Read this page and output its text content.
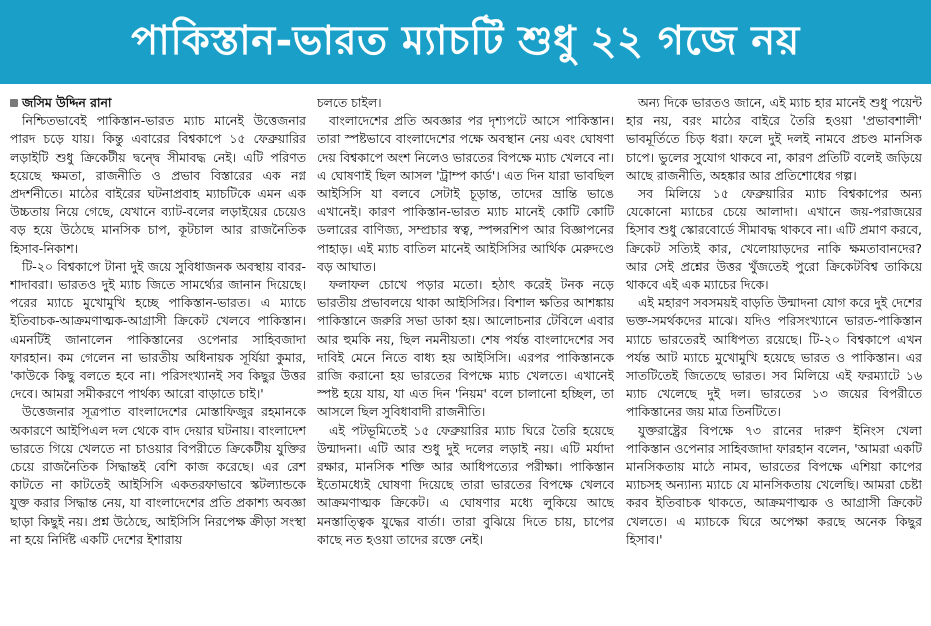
পাকিস্তান-ভারত ম্যাচটি শুধু ২২ গজে নয়
জসিম উদ্দিন রানা

নিশ্চিতভাবেই পাকিস্তান-ভারত ম্যাচ মানেই উত্তেজনার পারদ চড়ে যায়। কিন্তু এবারের বিশ্বকাপে ১৫ ফেব্রুয়ারির লড়াইটি শুধু ক্রিকেটীয় দ্বন্দ্বে সীমাবদ্ধ নেই। এটি পরিণত হয়েছে ক্ষমতা, রাজনীতি ও প্রভাব বিস্তারের এক নগ্ন প্রদর্শনীতে। মাঠের বাইরের ঘটনাপ্রবাহ ম্যাচটিকে এমন এক উচ্চতায় নিয়ে গেছে, যেখানে ব্যাট-বলের লড়াইয়ের চেয়েও বড় হয়ে উঠেছে মানসিক চাপ, কূটচাল আর রাজনৈতিক হিসাব-নিকাশ।

টি-২০ বিশ্বকাপে টানা দুই জয়ে সুবিধাজনক অবস্থায় বাবর-শাদাবরা। ভারতও দুই ম্যাচ জিতে সামর্থ্যের জানান দিয়েছে। পরের ম্যাচে মুখোমুখি হচ্ছে পাকিস্তান-ভারত। এ ম্যাচে ইতিবাচক-আক্রমণাত্মক-আগ্রাসী ক্রিকেট খেলবে পাকিস্তান। এমনটিই জানালেন পাকিস্তানের ওপেনার সাহিবজাদা ফারহান। কম গেলেন না ভারতীয় অধিনায়ক সূর্যিয়া কুমার, 'কাউকে কিছু বলতে হবে না। পরিসংখ্যানই সব কিছুর উত্তর দেবে। আমরা সমীকরণে পার্থক্য আরো বাড়াতে চাই।'

উত্তেজনার সূত্রপাত বাংলাদেশের মোস্তাফিজুর রহমানকে অকারণে আইপিএল দল থেকে বাদ দেয়ার ঘটনায়। বাংলাদেশ ভারতে গিয়ে খেলতে না চাওয়ার বিপরীতে ক্রিকেটীয় যুক্তির চেয়ে রাজনৈতিক সিদ্ধান্তই বেশি কাজ করেছে। এর রেশ কাটতে না কাটতেই আইসিসি একতরফাভাবে স্কটল্যান্ডকে যুক্ত করার সিদ্ধান্ত নেয়, যা বাংলাদেশের প্রতি প্রকাশ্য অবজ্ঞা ছাড়া কিছুই নয়। প্রশ্ন উঠেছে, আইসিসি নিরপেক্ষ ক্রীড়া সংস্থা না হয়ে নির্দিষ্ট একটি দেশের ইশারায়

চলতে চাইল।

বাংলাদেশের প্রতি অবজ্ঞার পর দৃশ্যপটে আসে পাকিস্তান। তারা স্পষ্টভাবে বাংলাদেশের পক্ষে অবস্থান নেয় এবং ঘোষণা দেয় বিশ্বকাপে অংশ নিলেও ভারতের বিপক্ষে ম্যাচ খেলবে না। এ ঘোষণাই ছিল আসল 'ট্রাম্প কার্ড'। এত দিন যারা ভাবছিল আইসিসি যা বলবে সেটাই চূড়ান্ত, তাদের ভ্রান্তি ভাঙে এখানেই। কারণ পাকিস্তান-ভারত ম্যাচ মানেই কোটি কোটি ডলারের বাণিজ্য, সম্প্রচার স্বত্ব, স্পন্সরশিপ আর বিজ্ঞাপনের পাহাড়। এই ম্যাচ বাতিল মানেই আইসিসির আর্থিক মেরুদণ্ডে বড় আঘাত।

ফলাফল চোখে পড়ার মতো। হঠাৎ করেই টনক নড়ে ভারতীয় প্রভাবলয়ে থাকা আইসিসির। বিশাল ক্ষতির আশঙ্কায় পাকিস্তানে জরুরি সভা ডাকা হয়। আলোচনার টেবিলে এবার আর হুমকি নয়, ছিল নমনীয়তা। শেষ পর্যন্ত বাংলাদেশের সব দাবিই মেনে নিতে বাধ্য হয় আইসিসি। এরপর পাকিস্তানকে রাজি করানো হয় ভারতের বিপক্ষে ম্যাচ খেলতে। এখানেই স্পষ্ট হয়ে যায়, যা এত দিন 'নিয়ম' বলে চালানো হচ্ছিল, তা আসলে ছিল সুবিধাবাদী রাজনীতি।

এই পটভূমিতেই ১৫ ফেব্রুয়ারির ম্যাচ ঘিরে তৈরি হয়েছে উন্মাদনা। এটি আর শুধু দুই দলের লড়াই নয়। এটি মর্যাদা রক্ষার, মানসিক শক্তি আর আধিপত্যের পরীক্ষা। পাকিস্তান ইতোমধ্যেই ঘোষণা দিয়েছে তারা ভারতের বিপক্ষে খেলবে আক্রমণাত্মক ক্রিকেট। এ ঘোষণার মধ্যে লুকিয়ে আছে মনস্তাত্ত্বিক যুদ্ধের বার্তা। তারা বুঝিয়ে দিতে চায়, চাপের কাছে নত হওয়া তাদের রক্তে নেই।

অন্য দিকে ভারতও জানে, এই ম্যাচ হার মানেই শুধু পয়েন্ট হার নয়, বরং মাঠের বাইরে তৈরি হওয়া 'প্রভাবশালী' ভাবমূর্তিতে চিড় ধরা। ফলে দুই দলই নামবে প্রচণ্ড মানসিক চাপে। ভুলের সুযোগ থাকবে না, কারণ প্রতিটি বলেই জড়িয়ে আছে রাজনীতি, অহঙ্কার আর প্রতিশোধের গল্প।

সব মিলিয়ে ১৫ ফেব্রুয়ারির ম্যাচ বিশ্বকাপের অন্য যেকোনো ম্যাচের চেয়ে আলাদা। এখানে জয়-পরাজয়ের হিসাব শুধু স্কোরবোর্ডে সীমাবদ্ধ থাকবে না। এটি প্রমাণ করবে, ক্রিকেট সত্যিই কার, খেলোয়াড়দের নাকি ক্ষমতাবানদের? আর সেই প্রশ্নের উত্তর খুঁজতেই পুরো ক্রিকেটবিশ্ব তাকিয়ে থাকবে এই এক ম্যাচের দিকে।

এই মহারণ সবসময়ই বাড়তি উন্মাদনা যোগ করে দুই দেশের ভক্ত-সমর্থকদের মাঝে। যদিও পরিসংখ্যানে ভারত-পাকিস্তান ম্যাচে ভারতেরই আধিপত্য রয়েছে। টি-২০ বিশ্বকাপে এখন পর্যন্ত আট ম্যাচে মুখোমুখি হয়েছে ভারত ও পাকিস্তান। এর সাতটিতেই জিতেছে ভারত। সব মিলিয়ে এই ফরম্যাটে ১৬ ম্যাচ খেলেছে দুই দল। ভারতের ১৩ জয়ের বিপরীতে পাকিস্তানের জয় মাত্র তিনটিতে।

যুক্তরাষ্ট্রের বিপক্ষে ৭৩ রানের দারুণ ইনিংস খেলা পাকিস্তান ওপেনার সাহিবজাদা ফারহান বলেন, 'আমরা একটি মানসিকতায় মাঠে নামব, ভারতের বিপক্ষে এশিয়া কাপের ম্যাচসহ অন্যান্য ম্যাচে যে মানসিকতায় খেলেছি। আমরা চেষ্টা করব ইতিবাচক থাকতে, আক্রমণাত্মক ও আগ্রাসী ক্রিকেট খেলতে। এ ম্যাচকে ঘিরে অপেক্ষা করছে অনেক কিছুর হিসাব।'
